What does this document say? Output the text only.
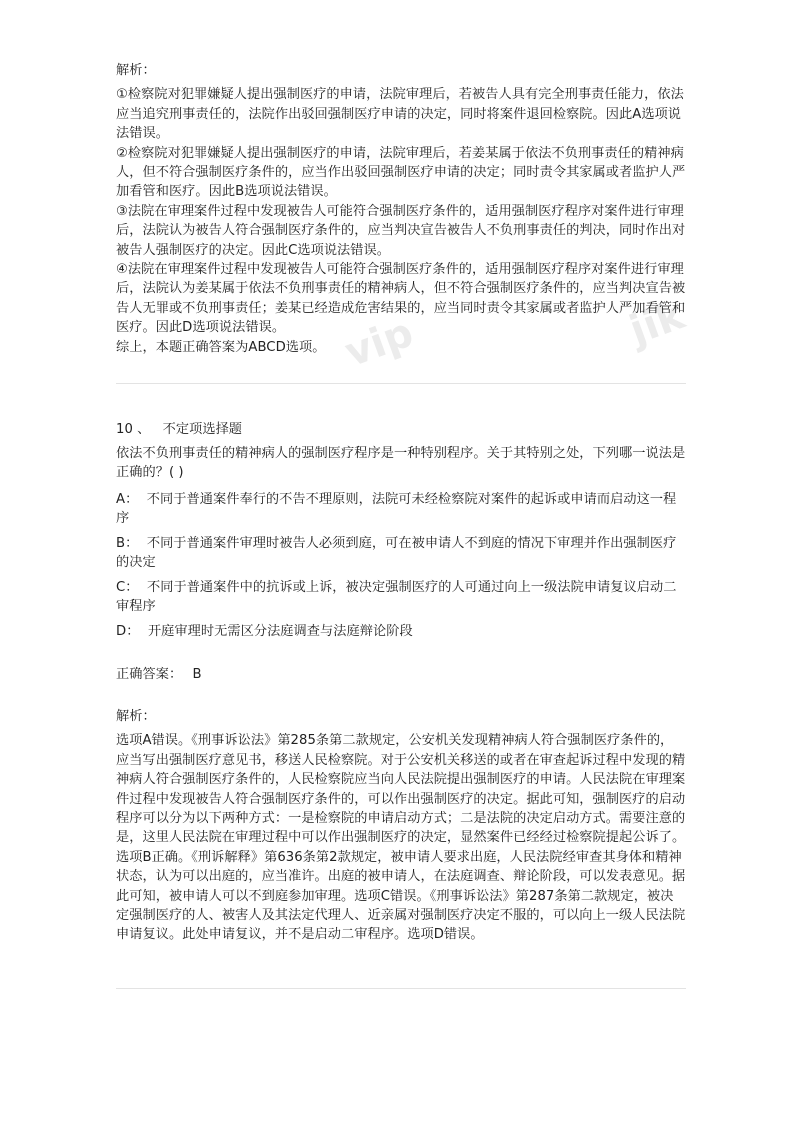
vip	jik

解析：

①检察院对犯罪嫌疑人提出强制医疗的申请，法院审理后，若被告人具有完全刑事责任能力，依法应当追究刑事责任的，法院作出驳回强制医疗申请的决定，同时将案件退回检察院。因此A选项说法错误。

②检察院对犯罪嫌疑人提出强制医疗的申请，法院审理后，若姜某属于依法不负刑事责任的精神病人，但不符合强制医疗条件的，应当作出驳回强制医疗申请的决定；同时责令其家属或者监护人严加看管和医疗。因此B选项说法错误。

③法院在审理案件过程中发现被告人可能符合强制医疗条件的，适用强制医疗程序对案件进行审理后，法院认为被告人符合强制医疗条件的，应当判决宣告被告人不负刑事责任的判决，同时作出对被告人强制医疗的决定。因此C选项说法错误。

④法院在审理案件过程中发现被告人可能符合强制医疗条件的，适用强制医疗程序对案件进行审理后，法院认为姜某属于依法不负刑事责任的精神病人，但不符合强制医疗条件的，应当判决宣告被告人无罪或不负刑事责任；姜某已经造成危害结果的，应当同时责令其家属或者监护人严加看管和医疗。因此D选项说法错误。

综上，本题正确答案为ABCD选项。

10 、 不定项选择题

依法不负刑事责任的精神病人的强制医疗程序是一种特别程序。关于其特别之处，下列哪一说法是正确的？( )

A： 不同于普通案件奉行的不告不理原则，法院可未经检察院对案件的起诉或申请而启动这一程序

B： 不同于普通案件审理时被告人必须到庭，可在被申请人不到庭的情况下审理并作出强制医疗的决定

C： 不同于普通案件中的抗诉或上诉，被决定强制医疗的人可通过向上一级法院申请复议启动二审程序

D： 开庭审理时无需区分法庭调查与法庭辩论阶段

正确答案： B

解析：

选项A错误。《刑事诉讼法》第285条第二款规定，公安机关发现精神病人符合强制医疗条件的，应当写出强制医疗意见书，移送人民检察院。对于公安机关移送的或者在审查起诉过程中发现的精神病人符合强制医疗条件的，人民检察院应当向人民法院提出强制医疗的申请。人民法院在审理案件过程中发现被告人符合强制医疗条件的，可以作出强制医疗的决定。据此可知，强制医疗的启动程序可以分为以下两种方式：一是检察院的申请启动方式；二是法院的决定启动方式。需要注意的是，这里人民法院在审理过程中可以作出强制医疗的决定，显然案件已经经过检察院提起公诉了。选项B正确。《刑诉解释》第636条第2款规定，被申请人要求出庭，人民法院经审查其身体和精神状态，认为可以出庭的，应当准许。出庭的被申请人，在法庭调查、辩论阶段，可以发表意见。据此可知，被申请人可以不到庭参加审理。选项C错误。《刑事诉讼法》第287条第二款规定，被决定强制医疗的人、被害人及其法定代理人、近亲属对强制医疗决定不服的，可以向上一级人民法院申请复议。此处申请复议，并不是启动二审程序。选项D错误。
